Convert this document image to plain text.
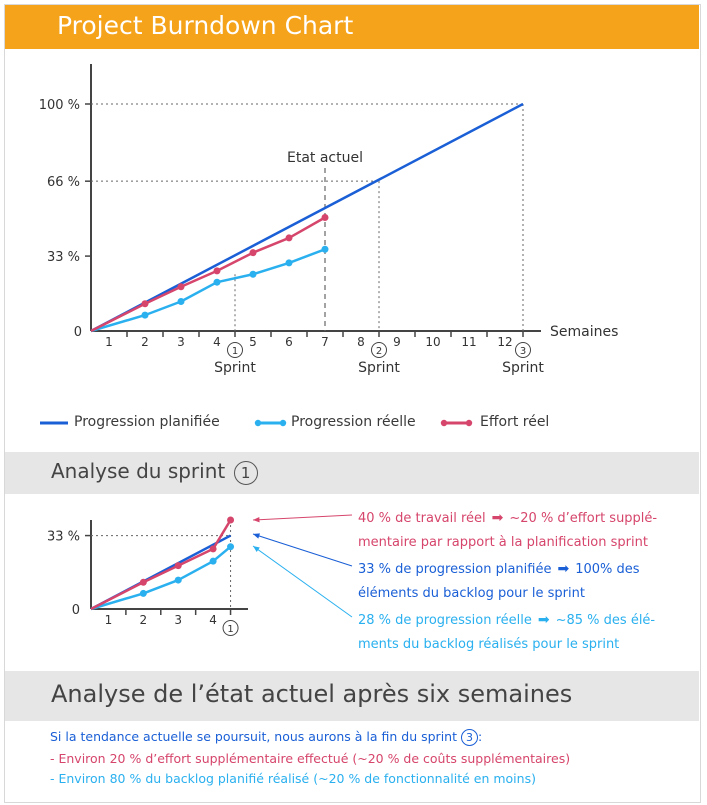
Project Burndown Chart
0
33 %
66 %
100 %
1 2 3 4 5 6 7 8 9 10 11 12
Semaines
1
Sprint
2
Sprint
3
Sprint
Etat actuel
Progression planifiée	Progression réelle	Effort réel
Analyse du sprint 1
0
33 %
1 2 3 4
1
40 % de travail réel ➡ ~20 % d’effort supplé-
mentaire par rapport à la planification sprint
33 % de progression planifiée ➡ 100% des
éléments du backlog pour le sprint
28 % de progression réelle ➡ ~85 % des élé-
ments du backlog réalisés pour le sprint
Analyse de l’état actuel après six semaines
Si la tendance actuelle se poursuit, nous aurons à la fin du sprint 3 :
- Environ 20 % d’effort supplémentaire effectué (~20 % de coûts supplémentaires)
- Environ 80 % du backlog planifié réalisé (~20 % de fonctionnalité en moins)
